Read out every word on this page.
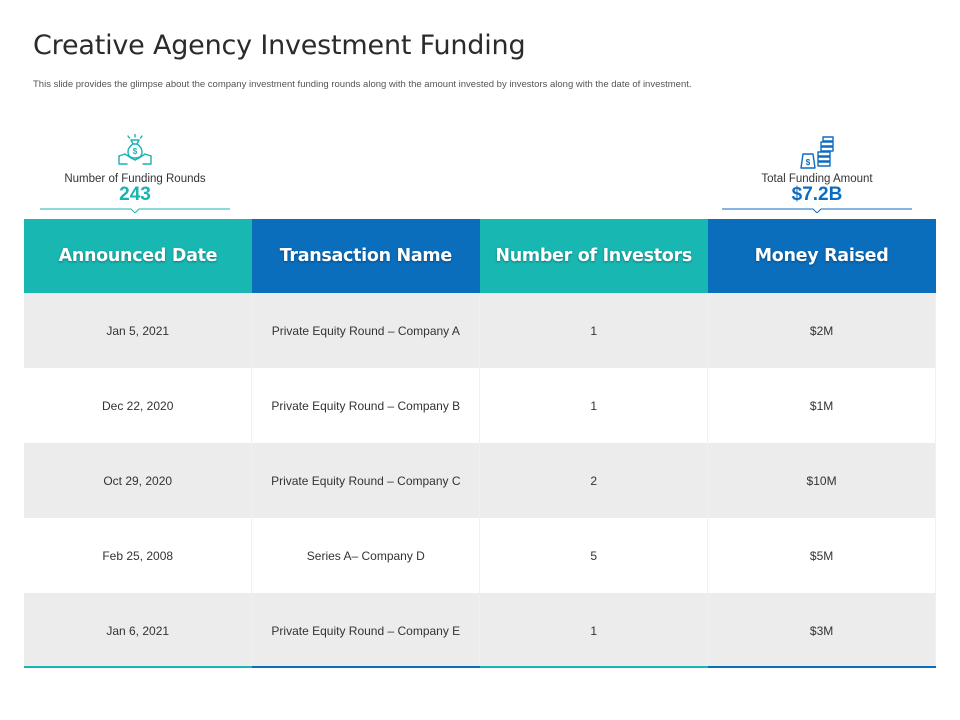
Creative Agency Investment Funding
This slide provides the glimpse about the company investment funding rounds along with the amount invested by investors along with the date of investment.
$
Number of Funding Rounds
243
$
Total Funding Amount
$7.2B
Announced Date	Transaction Name	Number of Investors	Money Raised
Jan 5, 2021	Private Equity Round – Company A	1	$2M
Dec 22, 2020	Private Equity Round – Company B	1	$1M
Oct 29, 2020	Private Equity Round – Company C	2	$10M
Feb 25, 2008	Series A– Company D	5	$5M
Jan 6, 2021	Private Equity Round – Company E	1	$3M
